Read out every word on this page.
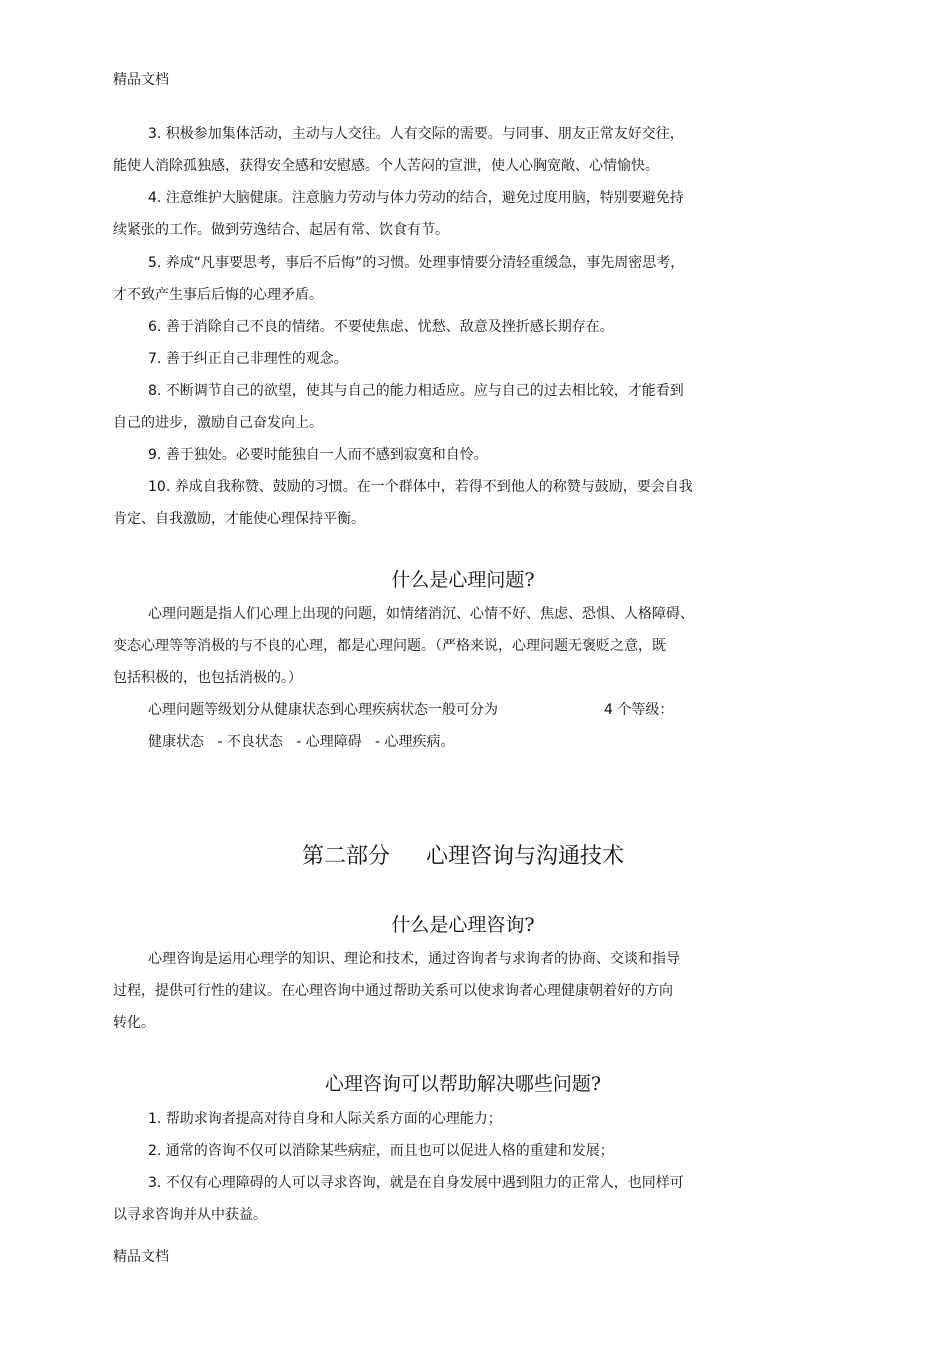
精品文档
3. 积极参加集体活动，主动与人交往。人有交际的需要。与同事、朋友正常友好交往，
能使人消除孤独感，获得安全感和安慰感。个人苦闷的宣泄，使人心胸宽敞、心情愉快。
4. 注意维护大脑健康。注意脑力劳动与体力劳动的结合，避免过度用脑，特别要避免持
续紧张的工作。做到劳逸结合、起居有常、饮食有节。
5. 养成“凡事要思考，事后不后悔”的习惯。处理事情要分清轻重缓急，事先周密思考，
才不致产生事后后悔的心理矛盾。
6. 善于消除自己不良的情绪。不要使焦虑、忧愁、敌意及挫折感长期存在。
7. 善于纠正自己非理性的观念。
8. 不断调节自己的欲望，使其与自己的能力相适应。应与自己的过去相比较，才能看到
自己的进步，激励自己奋发向上。
9. 善于独处。必要时能独自一人而不感到寂寞和自怜。
10. 养成自我称赞、鼓励的习惯。在一个群体中，若得不到他人的称赞与鼓励，要会自我
肯定、自我激励，才能使心理保持平衡。
什么是心理问题?
心理问题是指人们心理上出现的问题，如情绪消沉、心情不好、焦虑、恐惧、人格障碍、
变态心理等等消极的与不良的心理，都是心理问题。（严格来说，心理问题无褒贬之意，既
包括积极的，也包括消极的。）
心理问题等级划分从健康状态到心理疾病状态一般可分为	4 个等级：
健康状态   - 不良状态   - 心理障碍   - 心理疾病。
第二部分 心理咨询与沟通技术
什么是心理咨询?
心理咨询是运用心理学的知识、理论和技术，通过咨询者与求询者的协商、交谈和指导
过程，提供可行性的建议。在心理咨询中通过帮助关系可以使求询者心理健康朝着好的方向
转化。
心理咨询可以帮助解决哪些问题?
1. 帮助求询者提高对待自身和人际关系方面的心理能力；
2. 通常的咨询不仅可以消除某些病症，而且也可以促进人格的重建和发展；
3. 不仅有心理障碍的人可以寻求咨询，就是在自身发展中遇到阻力的正常人，也同样可
以寻求咨询并从中获益。
精品文档
